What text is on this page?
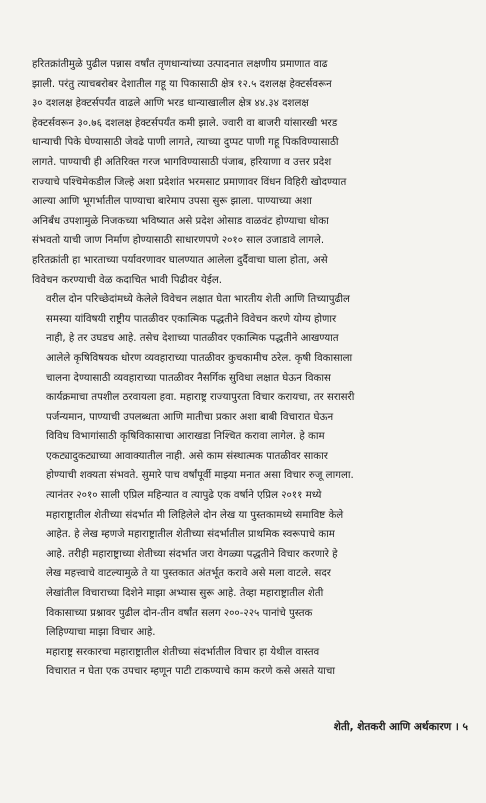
हरितक्रांतीमुळे पुढील पन्नास वर्षांत तृणधान्यांच्या उत्पादनात लक्षणीय प्रमाणात वाढ
झाली. परंतु त्याचबरोबर देशातील गहू या पिकासाठी क्षेत्र १२.५ दशलक्ष हेक्टर्सवरून
३० दशलक्ष हेक्टर्सपर्यंत वाढले आणि भरड धान्याखालील क्षेत्र ४४.३४ दशलक्ष
हेक्टर्सवरून ३०.७६ दशलक्ष हेक्टर्सपर्यंत कमी झाले. ज्वारी वा बाजरी यांसारखी भरड
धान्याची पिके घेण्यासाठी जेवढे पाणी लागते, त्याच्या दुप्पट पाणी गहू पिकविण्यासाठी
लागते. पाण्याची ही अतिरिक्त गरज भागविण्यासाठी पंजाब, हरियाणा व उत्तर प्रदेश
राज्याचे पश्चिमेकडील जिल्हे अशा प्रदेशांत भरमसाट प्रमाणावर विंधन विहिरी खोदण्यात
आल्या आणि भूगर्भातील पाण्याचा बारेमाप उपसा सुरू झाला. पाण्याच्या अशा
अनिर्बंध उपशामुळे निजकच्या भविष्यात असे प्रदेश ओसाड वाळवंट होण्याचा धोका
संभवतो याची जाण निर्माण होण्यासाठी साधारणपणे २०१० साल उजाडावे लागले.
हरितक्रांती हा भारताच्या पर्यावरणावर घालण्यात आलेला दुर्दैवाचा घाला होता, असे
विवेचन करण्याची वेळ कदाचित भावी पिढीवर येईल.

वरील दोन परिच्छेदांमध्ये केलेले विवेचन लक्षात घेता भारतीय शेती आणि तिच्यापुढील
समस्या यांविषयी राष्ट्रीय पातळीवर एकात्मिक पद्धतीने विवेचन करणे योग्य होणार
नाही, हे तर उघडच आहे. तसेच देशाच्या पातळीवर एकात्मिक पद्धतीने आखण्यात
आलेले कृषिविषयक धोरण व्यवहाराच्या पातळीवर कुचकामीच ठरेल. कृषी विकासाला
चालना देण्यासाठी व्यवहाराच्या पातळीवर नैसर्गिक सुविधा लक्षात घेऊन विकास
कार्यक्रमाचा तपशील ठरवायला हवा. महाराष्ट्र राज्यापुरता विचार करायचा, तर सरासरी
पर्जन्यमान, पाण्याची उपलब्धता आणि मातीचा प्रकार अशा बाबी विचारात घेऊन
विविध विभागांसाठी कृषिविकासाचा आराखडा निश्चित करावा लागेल. हे काम
एकट्यादुकट्याच्या आवाक्यातील नाही. असे काम संस्थात्मक पातळीवर साकार
होण्याची शक्यता संभवते. सुमारे पाच वर्षांपूर्वी माझ्या मनात असा विचार रुजू लागला.
त्यानंतर २०१० साली एप्रिल महिन्यात व त्यापुढे एक वर्षाने एप्रिल २०११ मध्ये
महाराष्ट्रातील शेतीच्या संदर्भात मी लिहिलेले दोन लेख या पुस्तकामध्ये समाविष्ट केले
आहेत. हे लेख म्हणजे महाराष्ट्रातील शेतीच्या संदर्भातील प्राथमिक स्वरूपाचे काम
आहे. तरीही महाराष्ट्राच्या शेतीच्या संदर्भात जरा वेगळ्या पद्धतीने विचार करणारे हे
लेख महत्त्वाचे वाटल्यामुळे ते या पुस्तकात अंतर्भूत करावे असे मला वाटले. सदर
लेखांतील विचाराच्या दिशेने माझा अभ्यास सुरू आहे. तेव्हा महाराष्ट्रातील शेती
विकासाच्या प्रश्नावर पुढील दोन-तीन वर्षांत सलग २००-२२५ पानांचे पुस्तक
लिहिण्याचा माझा विचार आहे.

महाराष्ट्र सरकारचा महाराष्ट्रातील शेतीच्या संदर्भातील विचार हा येथील वास्तव
विचारात न घेता एक उपचार म्हणून पाटी टाकण्याचे काम करणे कसे असते याचा

शेती, शेतकरी आणि अर्थकारण । ५
